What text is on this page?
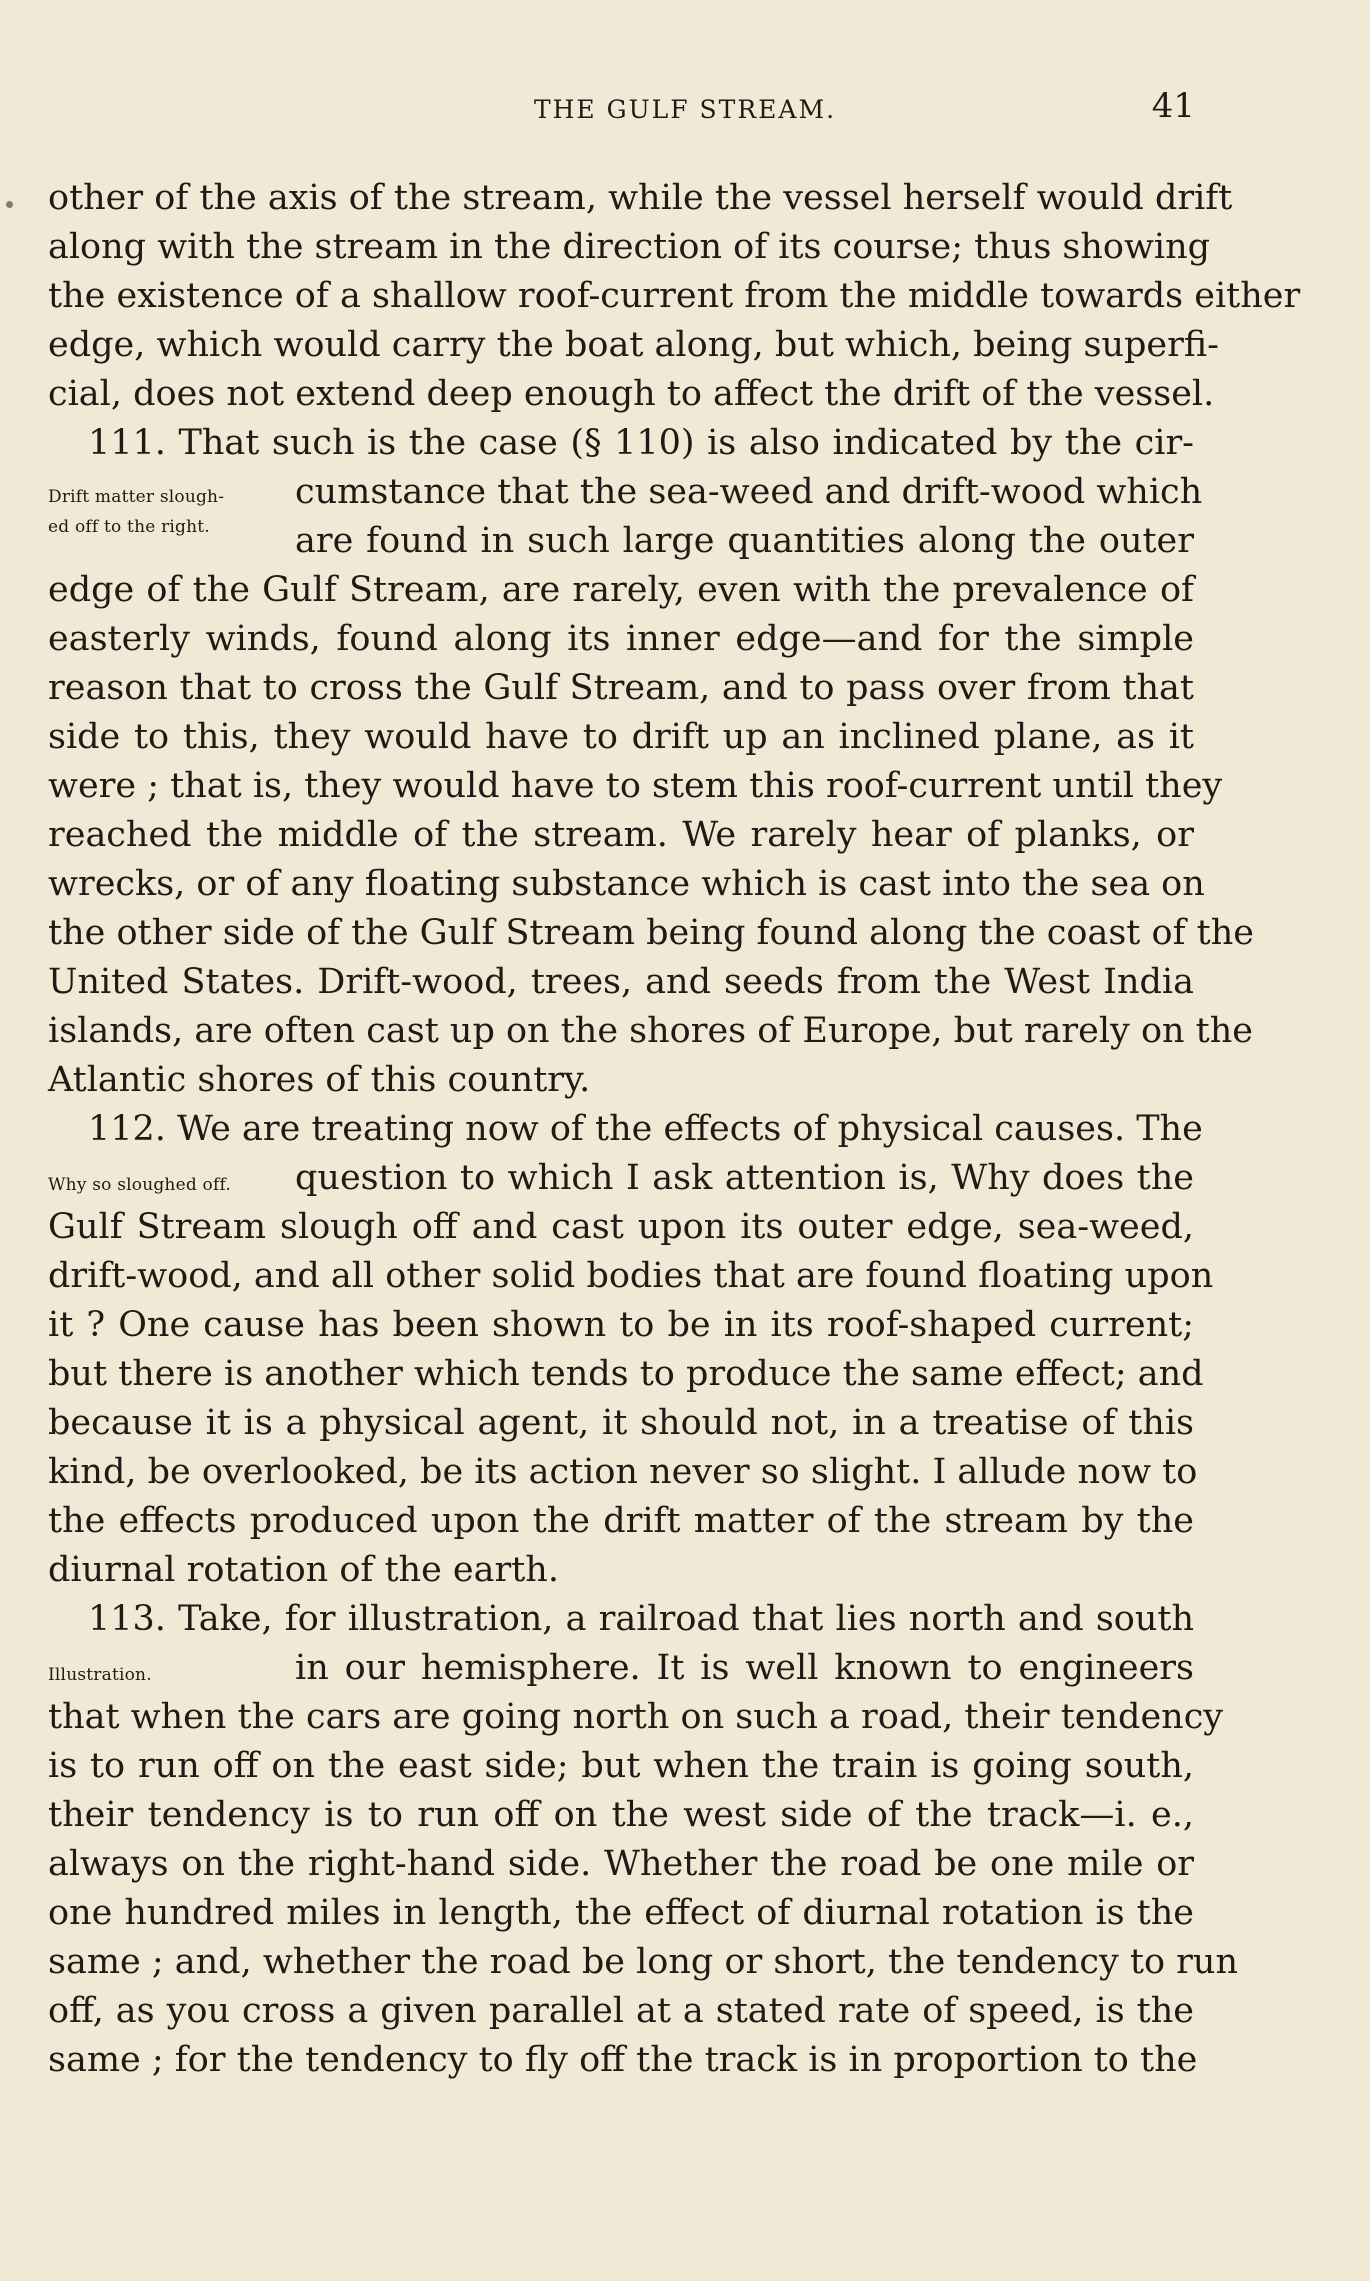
THE GULF STREAM.	41
Drift matter slough-
ed off to the right.
Why so sloughed off.
Illustration.
other of the axis of the stream, while the vessel herself would drift
along with the stream in the direction of its course; thus showing
the existence of a shallow roof-current from the middle towards either
edge, which would carry the boat along, but which, being superfi-
cial, does not extend deep enough to affect the drift of the vessel.
111. That such is the case (§ 110) is also indicated by the cir-
cumstance that the sea-weed and drift-wood which
are found in such large quantities along the outer
edge of the Gulf Stream, are rarely, even with the prevalence of
easterly winds, found along its inner edge—and for the simple
reason that to cross the Gulf Stream, and to pass over from that
side to this, they would have to drift up an inclined plane, as it
were ; that is, they would have to stem this roof-current until they
reached the middle of the stream. We rarely hear of planks, or
wrecks, or of any floating substance which is cast into the sea on
the other side of the Gulf Stream being found along the coast of the
United States. Drift-wood, trees, and seeds from the West India
islands, are often cast up on the shores of Europe, but rarely on the
Atlantic shores of this country.
112. We are treating now of the effects of physical causes. The
question to which I ask attention is, Why does the
Gulf Stream slough off and cast upon its outer edge, sea-weed,
drift-wood, and all other solid bodies that are found floating upon
it ? One cause has been shown to be in its roof-shaped current;
but there is another which tends to produce the same effect; and
because it is a physical agent, it should not, in a treatise of this
kind, be overlooked, be its action never so slight. I allude now to
the effects produced upon the drift matter of the stream by the
diurnal rotation of the earth.
113. Take, for illustration, a railroad that lies north and south
in our hemisphere. It is well known to engineers
that when the cars are going north on such a road, their tendency
is to run off on the east side; but when the train is going south,
their tendency is to run off on the west side of the track—i. e.,
always on the right-hand side. Whether the road be one mile or
one hundred miles in length, the effect of diurnal rotation is the
same ; and, whether the road be long or short, the tendency to run
off, as you cross a given parallel at a stated rate of speed, is the
same ; for the tendency to fly off the track is in proportion to the
